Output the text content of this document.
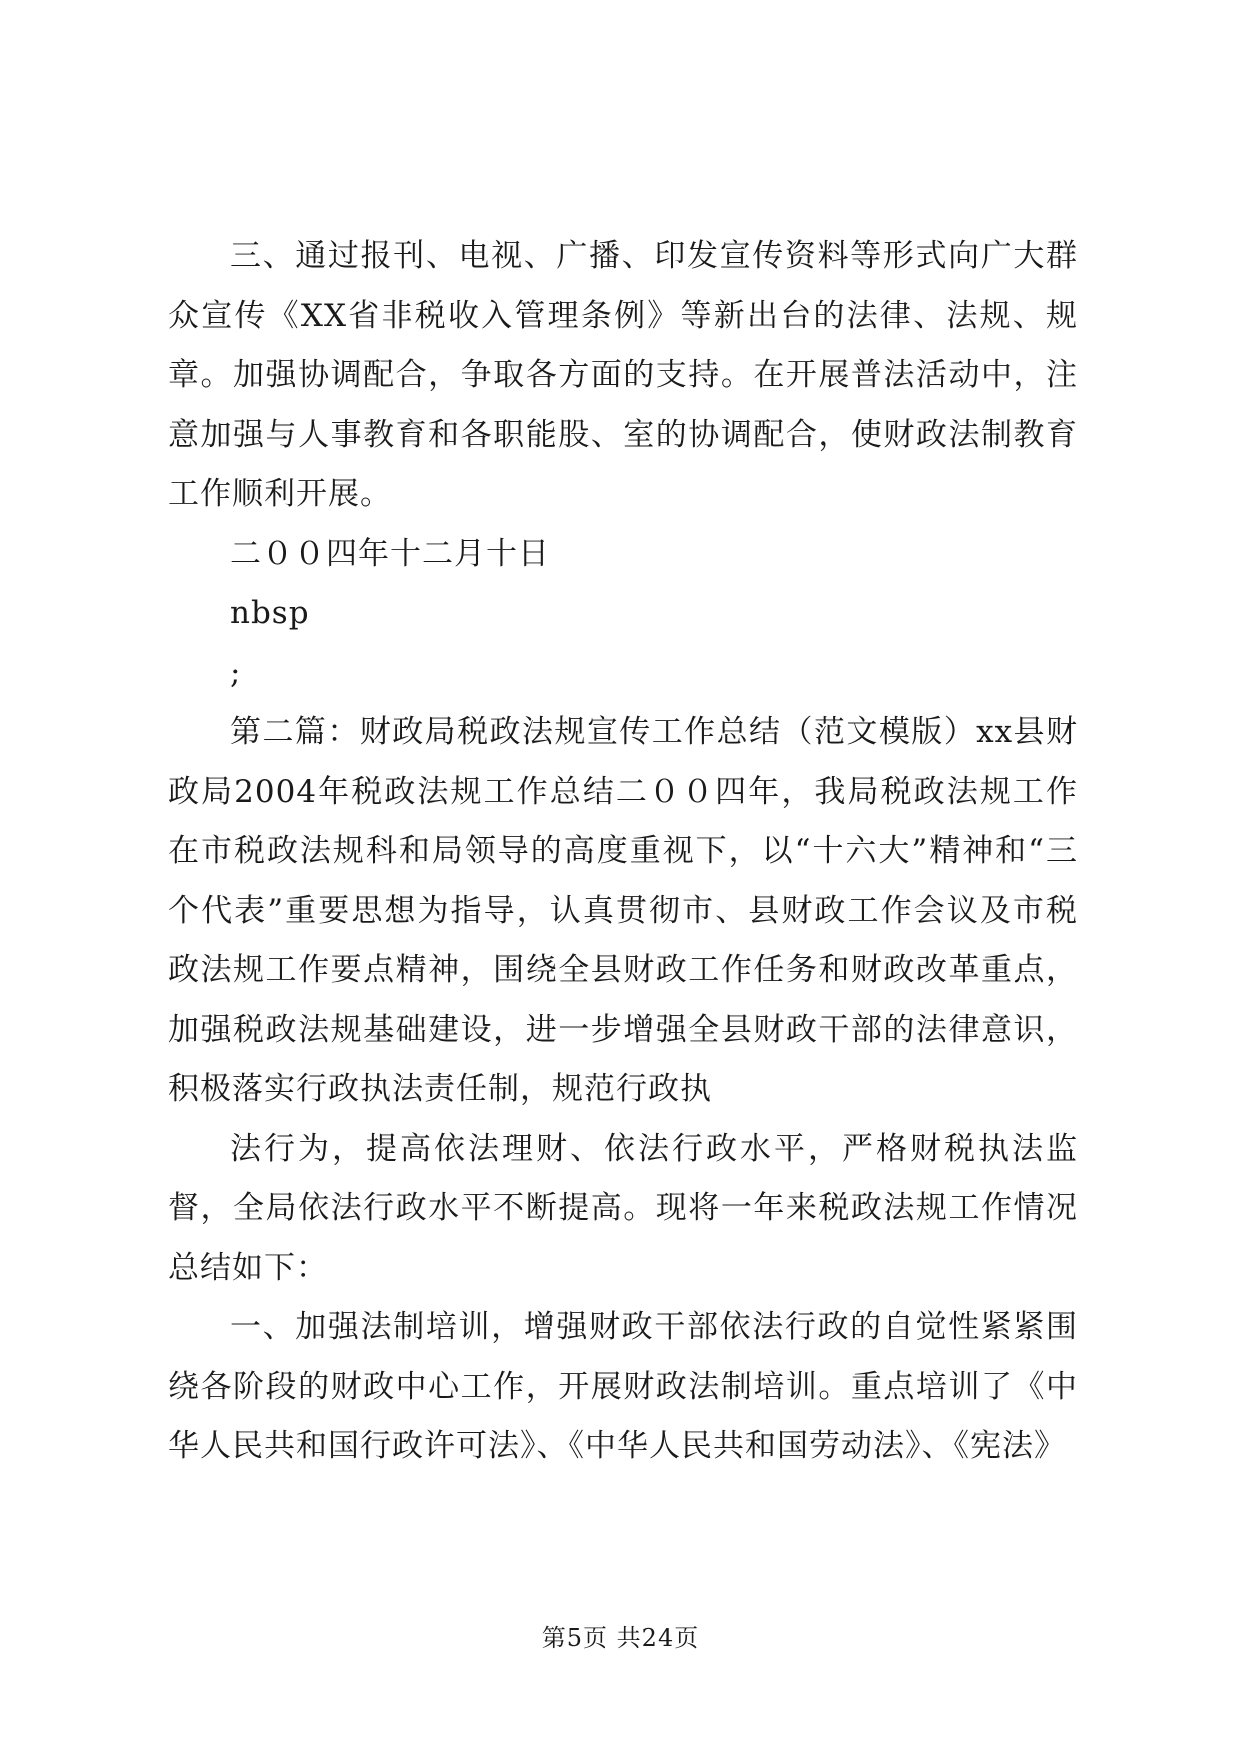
三、通过报刊、电视、广播、印发宣传资料等形式向广大群众宣传《XX省非税收入管理条例》等新出台的法律、法规、规章。加强协调配合，争取各方面的支持。在开展普法活动中，注意加强与人事教育和各职能股、室的协调配合，使财政法制教育工作顺利开展。

二００四年十二月十日

nbsp

;

第二篇：财政局税政法规宣传工作总结（范文模版）xx县财政局2004年税政法规工作总结二００四年，我局税政法规工作在市税政法规科和局领导的高度重视下，以“十六大”精神和“三个代表”重要思想为指导，认真贯彻市、县财政工作会议及市税政法规工作要点精神，围绕全县财政工作任务和财政改革重点，加强税政法规基础建设，进一步增强全县财政干部的法律意识，积极落实行政执法责任制，规范行政执

法行为，提高依法理财、依法行政水平，严格财税执法监督，全局依法行政水平不断提高。现将一年来税政法规工作情况总结如下：

一、加强法制培训，增强财政干部依法行政的自觉性紧紧围绕各阶段的财政中心工作，开展财政法制培训。重点培训了《中华人民共和国行政许可法》、《中华人民共和国劳动法》、《宪法》

第5页 共24页
